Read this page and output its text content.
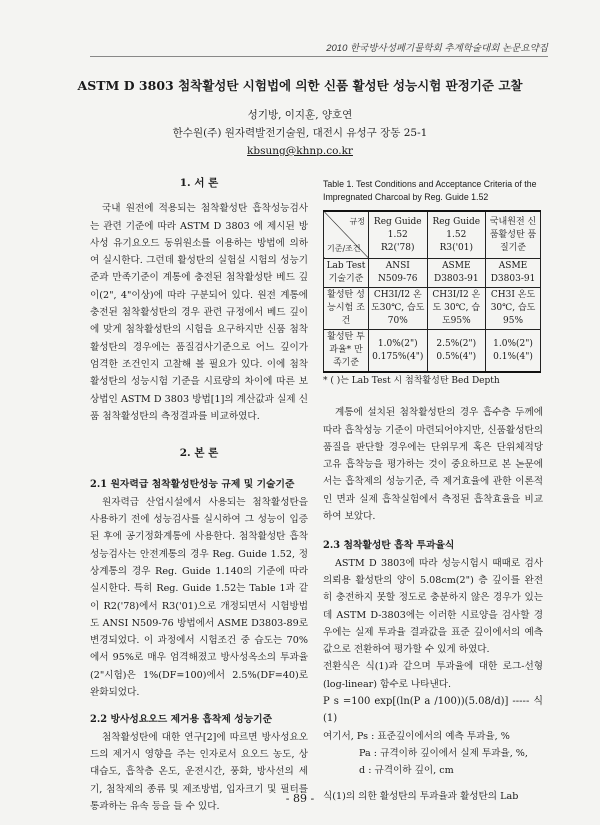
2010 한국방사성폐기물학회 추계학술대회 논문요약집
ASTM D 3803 첨착활성탄 시험법에 의한 신품 활성탄 성능시험 판정기준 고찰
성기방, 이지훈, 양호연
한수원(주) 원자력발전기술원, 대전시 유성구 장동 25-1
kbsung@khnp.co.kr

1. 서 론

국내 원전에 적용되는 첨착활성탄 흡착성능검사는 관련 기준에 따라 ASTM D 3803 에 제시된 방사성 유기요오드 동위원소를 이용하는 방법에 의하여 실시한다. 그런데 활성탄의 실험실 시험의 성능기준과 만족기준이 계통에 충전된 첨착활성탄 베드 깊이(2", 4"이상)에 따라 구분되어 있다. 원전 계통에 충전된 첨착활성탄의 경우 관련 규정에서 베드 깊이에 맞게 첨착활성탄의 시험을 요구하지만 신품 첨착활성탄의 경우에는 품질검사기준으로 어느 깊이가 엄격한 조건인지 고찰해 볼 필요가 있다. 이에 첨착활성탄의 성능시험 기준을 시료량의 차이에 따른 보상법인 ASTM D 3803 방법[1]의 계산값과 실제 신품 첨착활성탄의 측정결과를 비교하였다.

2. 본 론

2.1 원자력급 첨착활성탄성능 규제 및 기술기준

원자력급 산업시설에서 사용되는 첨착활성탄을 사용하기 전에 성능검사를 실시하여 그 성능이 입증된 후에 공기정화계통에 사용한다. 첨착활성탄 흡착성능검사는 안전계통의 경우 Reg. Guide 1.52, 정상계통의 경우 Reg. Guide 1.140의 기준에 따라 실시한다. 특히 Reg. Guide 1.52는 Table 1과 같이 R2('78)에서 R3('01)으로 개정되면서 시험방법도 ANSI N509-76 방법에서 ASME D3803-89로 변경되었다. 이 과정에서 시험조건 중 습도는 70%에서 95%로 매우 엄격해졌고 방사성옥소의 투과율(2"시험)은 1%(DF=100)에서 2.5%(DF=40)로 완화되었다.

2.2 방사성요오드 제거용 흡착제 성능기준

첨착활성탄에 대한 연구[2]에 따르면 방사성요오드의 제거시 영향을 주는 인자로서 요오드 농도, 상대습도, 흡착층 온도, 운전시간, 풍화, 방사선의 세기, 첨착제의 종류 및 제조방법, 입자크기 및 필터를 통과하는 유속 등을 들 수 있다.

Table 1. Test Conditions and Acceptance Criteria of the Impregnated Charcoal by Reg. Guide 1.52

규정
기준/조건	Reg Guide 1.52 R2('78)	Reg Guide 1.52 R3('01)	국내원전 신품활성탄 품질기준
Lab Test 기술기준	ANSI N509-76	ASME D3803-91	ASME D3803-91
활성탄 성능시험 조건	CH3I/I2 온도30℃, 습도 70%	CH3I/I2 온도 30℃, 습도95%	CH3I 온도 30℃, 습도 95%
활성탄 투과율* 만족기준	1.0%(2") 0.175%(4")	2.5%(2") 0.5%(4")	1.0%(2") 0.1%(4")

* ( )는 Lab Test 시 첨착활성탄 Bed Depth

계통에 설치된 첨착활성탄의 경우 흡수층 두께에 따라 흡착성능 기준이 마련되어야지만, 신품활성탄의 품질을 판단할 경우에는 단위무게 혹은 단위체적당 고유 흡착능을 평가하는 것이 중요하므로 본 논문에서는 흡착제의 성능기준, 즉 제거효율에 관한 이론적인 면과 실제 흡착실험에서 측정된 흡착효율을 비교하여 보았다.

2.3 첨착활성탄 흡착 투과율식

ASTM D 3803에 따라 성능시험시 때때로 검사의뢰용 활성탄의 양이 5.08cm(2") 층 깊이를 완전히 충전하지 못할 정도로 충분하지 않은 경우가 있는데 ASTM D-3803에는 이러한 시료양을 검사할 경우에는 실제 투과율 결과값을 표준 깊이에서의 예측값으로 전환하여 평가할 수 있게 하였다.

전환식은 식(1)과 같으며 투과율에 대한 로그-선형(log-linear) 함수로 나타낸다.

P s =100 exp[(ln(P a /100))(5.08/d)] ----- 식 (1)

여기서, Ps : 표준깊이에서의 예측 투과율, %

Pa : 규격이하 깊이에서 실제 투과율, %,

d : 규격이하 깊이, cm

식(1)의 의한 활성탄의 투과율과 활성탄의 Lab

- 89 -
